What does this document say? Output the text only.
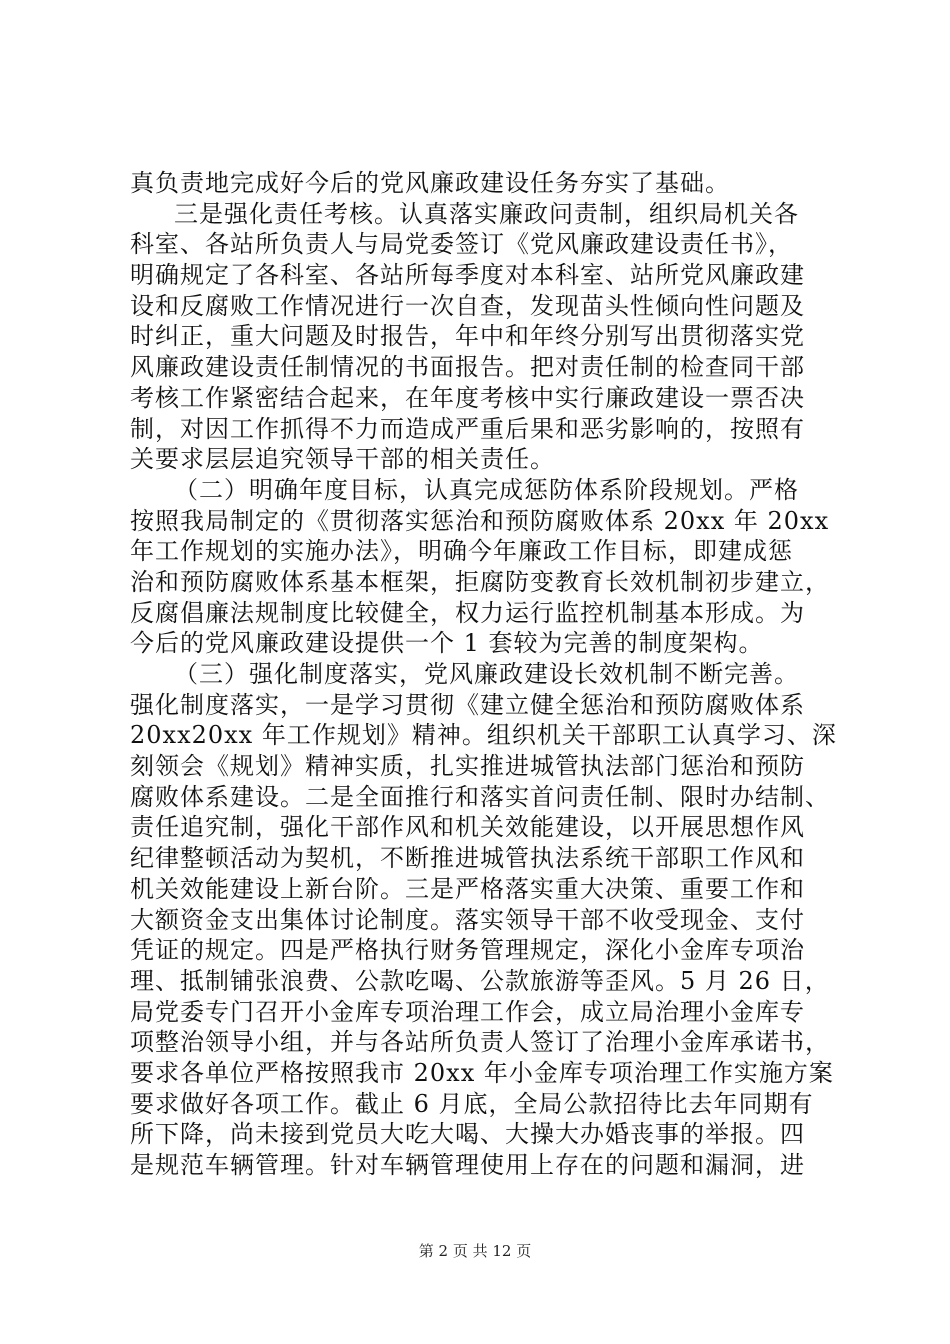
真负责地完成好今后的党风廉政建设任务夯实了基础。
三是强化责任考核。认真落实廉政问责制，组织局机关各
科室、各站所负责人与局党委签订《党风廉政建设责任书》，
明确规定了各科室、各站所每季度对本科室、站所党风廉政建
设和反腐败工作情况进行一次自查，发现苗头性倾向性问题及
时纠正，重大问题及时报告，年中和年终分别写出贯彻落实党
风廉政建设责任制情况的书面报告。把对责任制的检查同干部
考核工作紧密结合起来，在年度考核中实行廉政建设一票否决
制，对因工作抓得不力而造成严重后果和恶劣影响的，按照有
关要求层层追究领导干部的相关责任。
（二）明确年度目标，认真完成惩防体系阶段规划。严格
按照我局制定的《贯彻落实惩治和预防腐败体系 20xx 年 20xx
年工作规划的实施办法》，明确今年廉政工作目标，即建成惩
治和预防腐败体系基本框架，拒腐防变教育长效机制初步建立，
反腐倡廉法规制度比较健全，权力运行监控机制基本形成。为
今后的党风廉政建设提供一个 1 套较为完善的制度架构。
（三）强化制度落实，党风廉政建设长效机制不断完善。
强化制度落实，一是学习贯彻《建立健全惩治和预防腐败体系
20xx20xx 年工作规划》精神。组织机关干部职工认真学习、深
刻领会《规划》精神实质，扎实推进城管执法部门惩治和预防
腐败体系建设。二是全面推行和落实首问责任制、限时办结制、
责任追究制，强化干部作风和机关效能建设，以开展思想作风
纪律整顿活动为契机，不断推进城管执法系统干部职工作风和
机关效能建设上新台阶。三是严格落实重大决策、重要工作和
大额资金支出集体讨论制度。落实领导干部不收受现金、支付
凭证的规定。四是严格执行财务管理规定，深化小金库专项治
理、抵制铺张浪费、公款吃喝、公款旅游等歪风。5 月 26 日，
局党委专门召开小金库专项治理工作会，成立局治理小金库专
项整治领导小组，并与各站所负责人签订了治理小金库承诺书，
要求各单位严格按照我市 20xx 年小金库专项治理工作实施方案
要求做好各项工作。截止 6 月底，全局公款招待比去年同期有
所下降，尚未接到党员大吃大喝、大操大办婚丧事的举报。四
是规范车辆管理。针对车辆管理使用上存在的问题和漏洞，进
第 2 页 共 12 页
